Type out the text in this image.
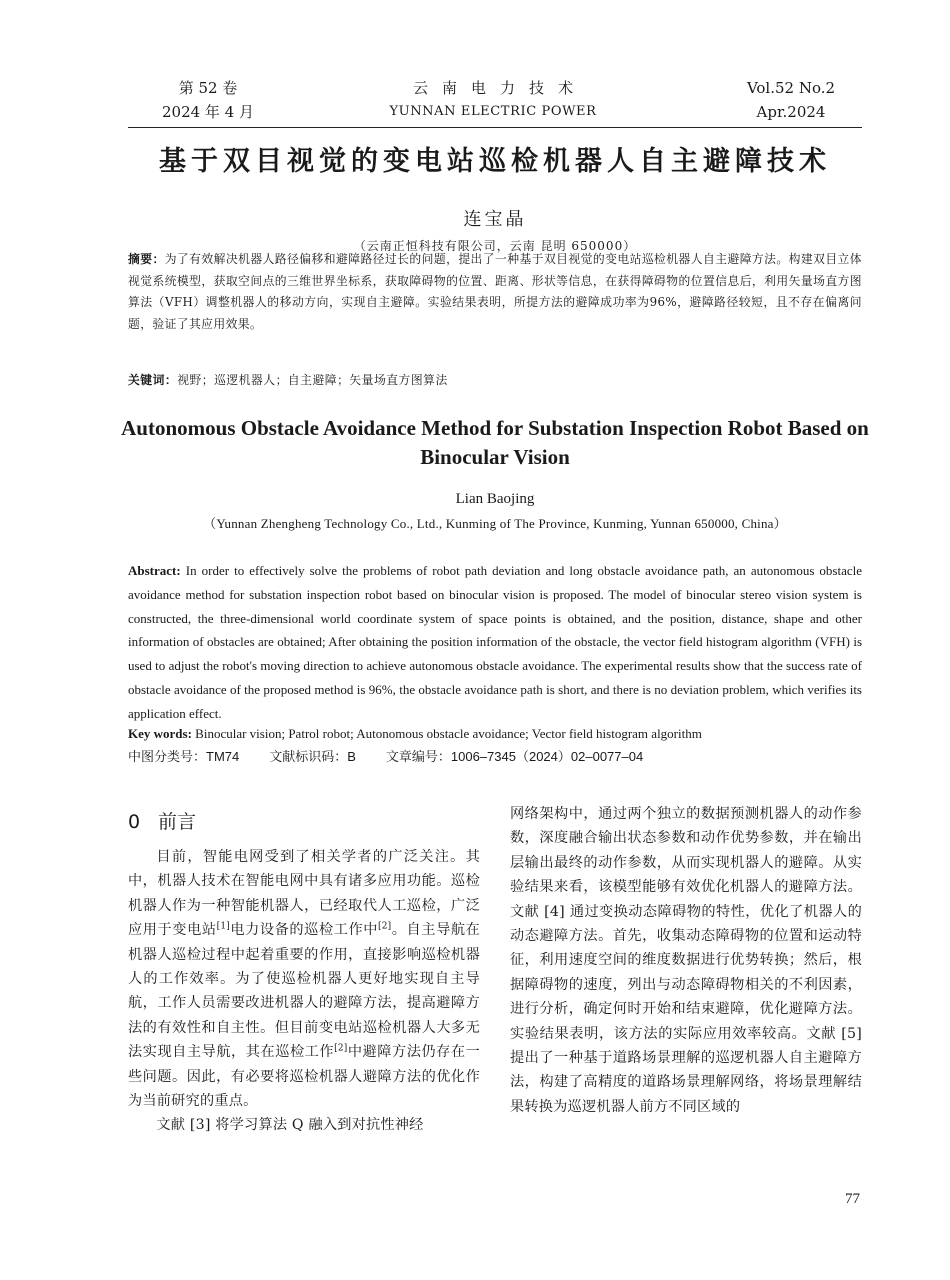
第 52 卷
2024 年 4 月
云南电力技术
YUNNAN ELECTRIC POWER
Vol.52 No.2
Apr.2024
基于双目视觉的变电站巡检机器人自主避障技术
连宝晶
（云南正恒科技有限公司，云南 昆明 650000）
摘要：为了有效解决机器人路径偏移和避障路径过长的问题，提出了一种基于双目视觉的变电站巡检机器人自主避障方法。构建双目立体视觉系统模型，获取空间点的三维世界坐标系，获取障碍物的位置、距离、形状等信息，在获得障碍物的位置信息后，利用矢量场直方图算法（VFH）调整机器人的移动方向，实现自主避障。实验结果表明，所提方法的避障成功率为96%，避障路径较短，且不存在偏离问题，验证了其应用效果。
关键词：视野；巡逻机器人；自主避障；矢量场直方图算法
Autonomous Obstacle Avoidance Method for Substation Inspection Robot Based on Binocular Vision
Lian Baojing
（Yunnan Zhengheng Technology Co., Ltd., Kunming of The Province, Kunming, Yunnan 650000, China）
Abstract: In order to effectively solve the problems of robot path deviation and long obstacle avoidance path, an autonomous obstacle avoidance method for substation inspection robot based on binocular vision is proposed. The model of binocular stereo vision system is constructed, the three-dimensional world coordinate system of space points is obtained, and the position, distance, shape and other information of obstacles are obtained; After obtaining the position information of the obstacle, the vector field histogram algorithm (VFH) is used to adjust the robot's moving direction to achieve autonomous obstacle avoidance. The experimental results show that the success rate of obstacle avoidance of the proposed method is 96%, the obstacle avoidance path is short, and there is no deviation problem, which verifies its application effect.
Key words: Binocular vision; Patrol robot; Autonomous obstacle avoidance; Vector field histogram algorithm
中图分类号：TM74 文献标识码：B 文章编号：1006–7345（2024）02–0077–04
0 前言

目前，智能电网受到了相关学者的广泛关注。其中，机器人技术在智能电网中具有诸多应用功能。巡检机器人作为一种智能机器人，已经取代人工巡检，广泛应用于变电站[1]电力设备的巡检工作中[2]。自主导航在机器人巡检过程中起着重要的作用，直接影响巡检机器人的工作效率。为了使巡检机器人更好地实现自主导航，工作人员需要改进机器人的避障方法，提高避障方法的有效性和自主性。但目前变电站巡检机器人大多无法实现自主导航，其在巡检工作[2]中避障方法仍存在一些问题。因此，有必要将巡检机器人避障方法的优化作为当前研究的重点。

文献 [3] 将学习算法 Q 融入到对抗性神经

网络架构中，通过两个独立的数据预测机器人的动作参数，深度融合输出状态参数和动作优势参数，并在输出层输出最终的动作参数，从而实现机器人的避障。从实验结果来看，该模型能够有效优化机器人的避障方法。文献 [4] 通过变换动态障碍物的特性，优化了机器人的动态避障方法。首先，收集动态障碍物的位置和运动特征，利用速度空间的维度数据进行优势转换；然后，根据障碍物的速度，列出与动态障碍物相关的不利因素，进行分析，确定何时开始和结束避障，优化避障方法。实验结果表明，该方法的实际应用效率较高。文献 [5] 提出了一种基于道路场景理解的巡逻机器人自主避障方法，构建了高精度的道路场景理解网络，将场景理解结果转换为巡逻机器人前方不同区域的

77
